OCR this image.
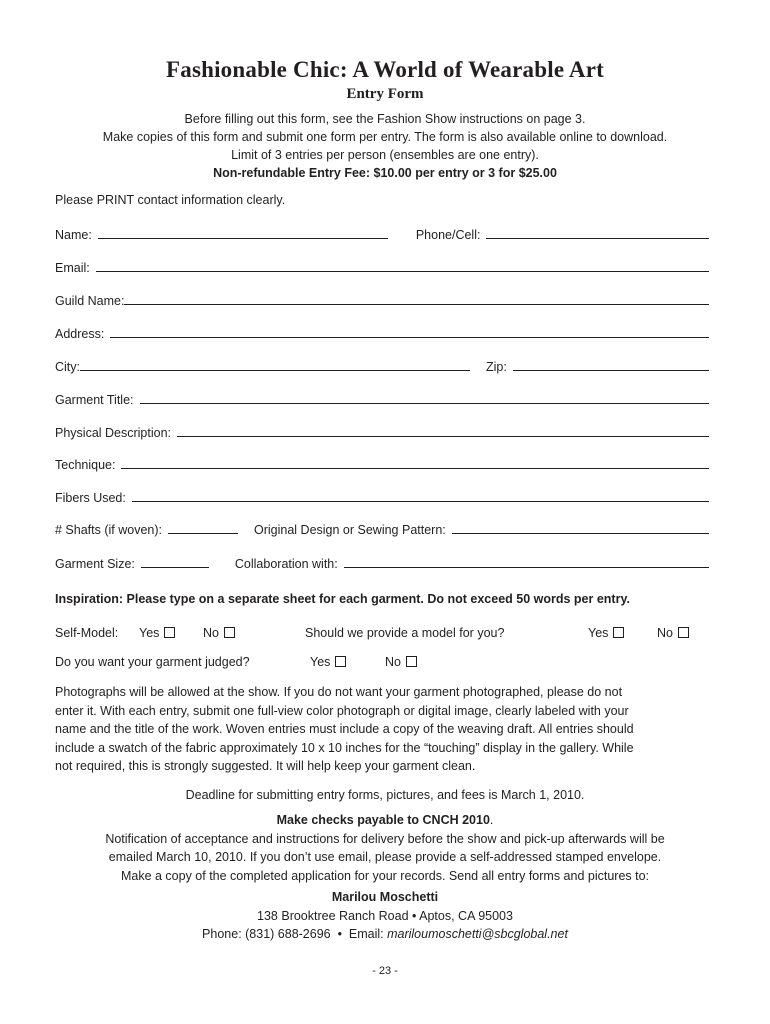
Fashionable Chic: A World of Wearable Art
Entry Form
Before filling out this form, see the Fashion Show instructions on page 3.
Make copies of this form and submit one form per entry. The form is also available online to download.
Limit of 3 entries per person (ensembles are one entry).
Non-refundable Entry Fee: $10.00 per entry or 3 for $25.00
Please PRINT contact information clearly.
Name:	Phone/Cell:
Email:
Guild Name:
Address:
City:	Zip:
Garment Title:
Physical Description:
Technique:
Fibers Used:
# Shafts (if woven):	Original Design or Sewing Pattern:
Garment Size:	Collaboration with:
Inspiration: Please type on a separate sheet for each garment. Do not exceed 50 words per entry.
Self-Model: Yes	No	Should we provide a model for you?	Yes	No
Do you want your garment judged?	Yes	No
Photographs will be allowed at the show. If you do not want your garment photographed, please do not
enter it. With each entry, submit one full-view color photograph or digital image, clearly labeled with your
name and the title of the work. Woven entries must include a copy of the weaving draft. All entries should
include a swatch of the fabric approximately 10 x 10 inches for the “touching” display in the gallery. While
not required, this is strongly suggested. It will help keep your garment clean.
Deadline for submitting entry forms, pictures, and fees is March 1, 2010.
Make checks payable to CNCH 2010.
Notification of acceptance and instructions for delivery before the show and pick-up afterwards will be
emailed March 10, 2010. If you don’t use email, please provide a self-addressed stamped envelope.
Make a copy of the completed application for your records. Send all entry forms and pictures to:
Marilou Moschetti
138 Brooktree Ranch Road • Aptos, CA 95003
Phone: (831) 688-2696  •  Email: mariloumoschetti@sbcglobal.net
- 23 -
